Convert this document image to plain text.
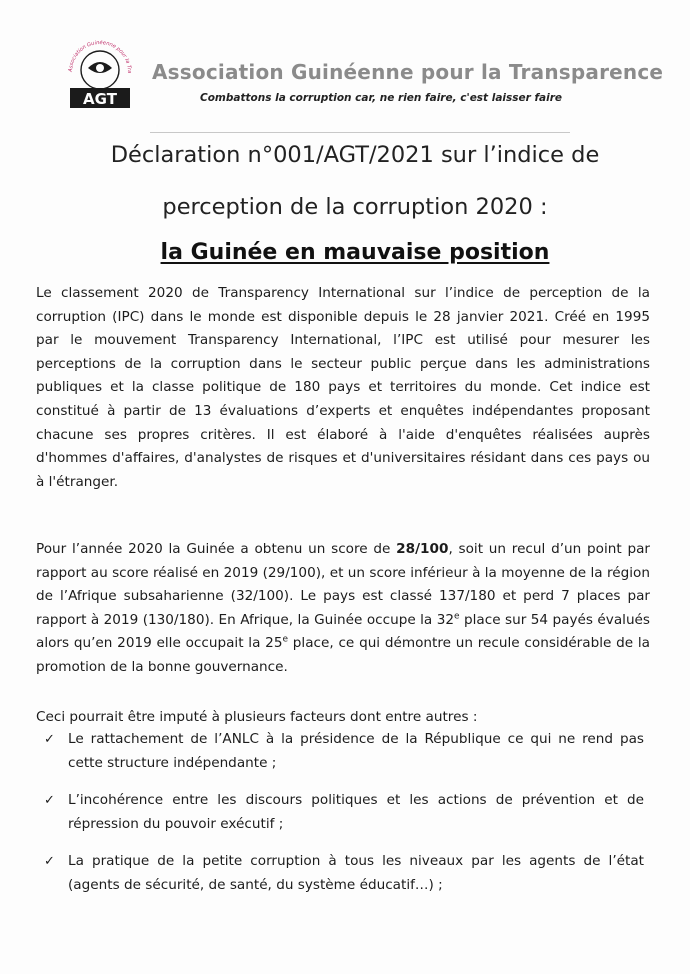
Association Guinéenne pour la Tra
AGT
Association Guinéenne pour la Transparence
Combattons la corruption car, ne rien faire, c'est laisser faire
Déclaration n°001/AGT/2021 sur l’indice de
perception de la corruption 2020 :
la Guinée en mauvaise position
Le classement 2020 de Transparency International sur l’indice de perception de la corruption (IPC) dans le monde est disponible depuis le 28 janvier 2021. Créé en 1995 par le mouvement Transparency International, l’IPC est utilisé pour mesurer les perceptions de la corruption dans le secteur public perçue dans les administrations publiques et la classe politique de 180 pays et territoires du monde. Cet indice est constitué à partir de 13 évaluations d’experts et enquêtes indépendantes proposant chacune ses propres critères. Il est élaboré à l'aide d'enquêtes réalisées auprès d'hommes d'affaires, d'analystes de risques et d'universitaires résidant dans ces pays ou à l'étranger.
Pour l’année 2020 la Guinée a obtenu un score de 28/100, soit un recul d’un point par rapport au score réalisé en 2019 (29/100), et un score inférieur à la moyenne de la région de l’Afrique subsaharienne (32/100). Le pays est classé 137/180 et perd 7 places par rapport à 2019 (130/180). En Afrique, la Guinée occupe la 32e place sur 54 payés évalués alors qu’en 2019 elle occupait la 25e place, ce qui démontre un recule considérable de la promotion de la bonne gouvernance.
Ceci pourrait être imputé à plusieurs facteurs dont entre autres :
✓ Le rattachement de l’ANLC à la présidence de la République ce qui ne rend pas cette structure indépendante ;
✓ L’incohérence entre les discours politiques et les actions de prévention et de répression du pouvoir exécutif ;
✓ La pratique de la petite corruption à tous les niveaux par les agents de l’état (agents de sécurité, de santé, du système éducatif…) ;
